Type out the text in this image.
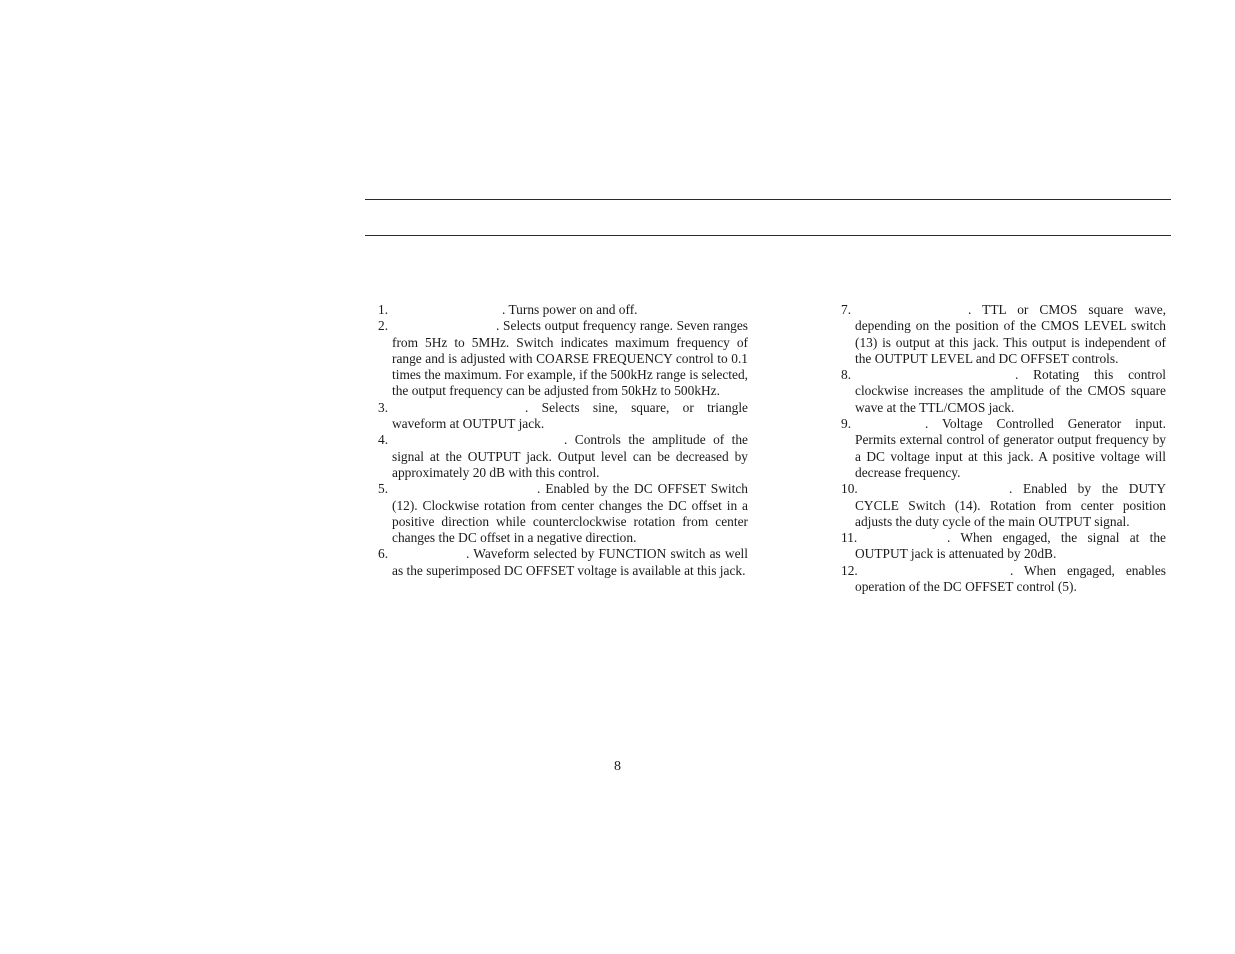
1.	. Turns power on and off.
2.	. Selects output frequency range. Seven ranges from 5Hz to 5MHz. Switch indicates maximum frequency of range and is adjusted with COARSE FREQUENCY control to 0.1 times the maximum. For example, if the 500kHz range is selected, the output frequency can be adjusted from 50kHz to 500kHz.
3.	. Selects sine, square, or triangle waveform at OUTPUT jack.
4.	. Controls the amplitude of the signal at the OUTPUT jack. Output level can be decreased by approximately 20 dB with this control.
5.	. Enabled by the DC OFFSET Switch (12). Clockwise rotation from center changes the DC offset in a positive direction while counterclockwise rotation from center changes the DC offset in a negative direction.
6.	. Waveform selected by FUNCTION switch as well as the superimposed DC OFFSET voltage is available at this jack.
7.	. TTL or CMOS square wave, depending on the position of the CMOS LEVEL switch (13) is output at this jack. This output is independent of the OUTPUT LEVEL and DC OFFSET controls.
8.	. Rotating this control clockwise increases the amplitude of the CMOS square wave at the TTL/CMOS jack.
9.	. Voltage Controlled Generator input. Permits external control of generator output frequency by a DC voltage input at this jack. A positive voltage will decrease frequency.
10.	. Enabled by the DUTY CYCLE Switch (14). Rotation from center position adjusts the duty cycle of the main OUTPUT signal.
11.	. When engaged, the signal at the OUTPUT jack is attenuated by 20dB.
12.	. When engaged, enables operation of the DC OFFSET control (5).
8
